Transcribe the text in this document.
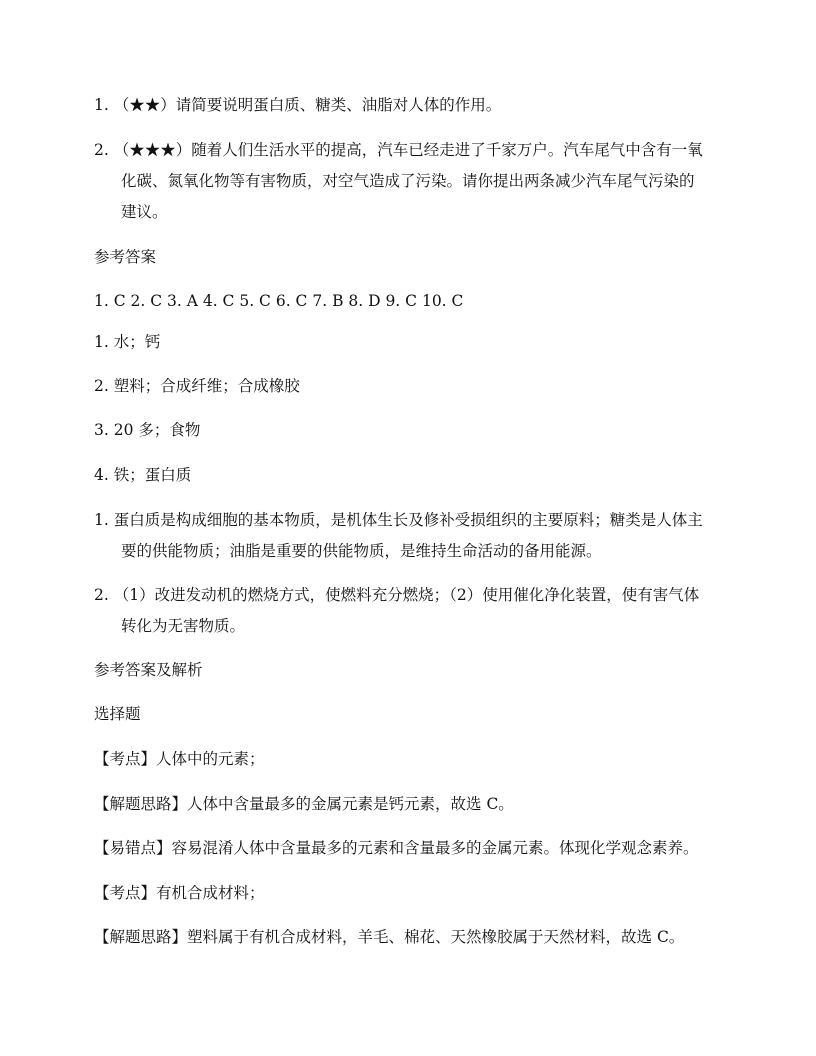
1. （★★）请简要说明蛋白质、糖类、油脂对人体的作用。
2. （★★★）随着人们生活水平的提高，汽车已经走进了千家万户。汽车尾气中含有一氧
化碳、氮氧化物等有害物质，对空气造成了污染。请你提出两条减少汽车尾气污染的
建议。
参考答案
1. C 2. C 3. A 4. C 5. C 6. C 7. B 8. D 9. C 10. C
1. 水；钙
2. 塑料；合成纤维；合成橡胶
3. 20 多；食物
4. 铁；蛋白质
1. 蛋白质是构成细胞的基本物质，是机体生长及修补受损组织的主要原料；糖类是人体主
要的供能物质；油脂是重要的供能物质，是维持生命活动的备用能源。
2. （1）改进发动机的燃烧方式，使燃料充分燃烧；（2）使用催化净化装置，使有害气体
转化为无害物质。
参考答案及解析
选择题
【考点】人体中的元素；
【解题思路】人体中含量最多的金属元素是钙元素，故选 C。
【易错点】容易混淆人体中含量最多的元素和含量最多的金属元素。体现化学观念素养。
【考点】有机合成材料；
【解题思路】塑料属于有机合成材料，羊毛、棉花、天然橡胶属于天然材料，故选 C。
